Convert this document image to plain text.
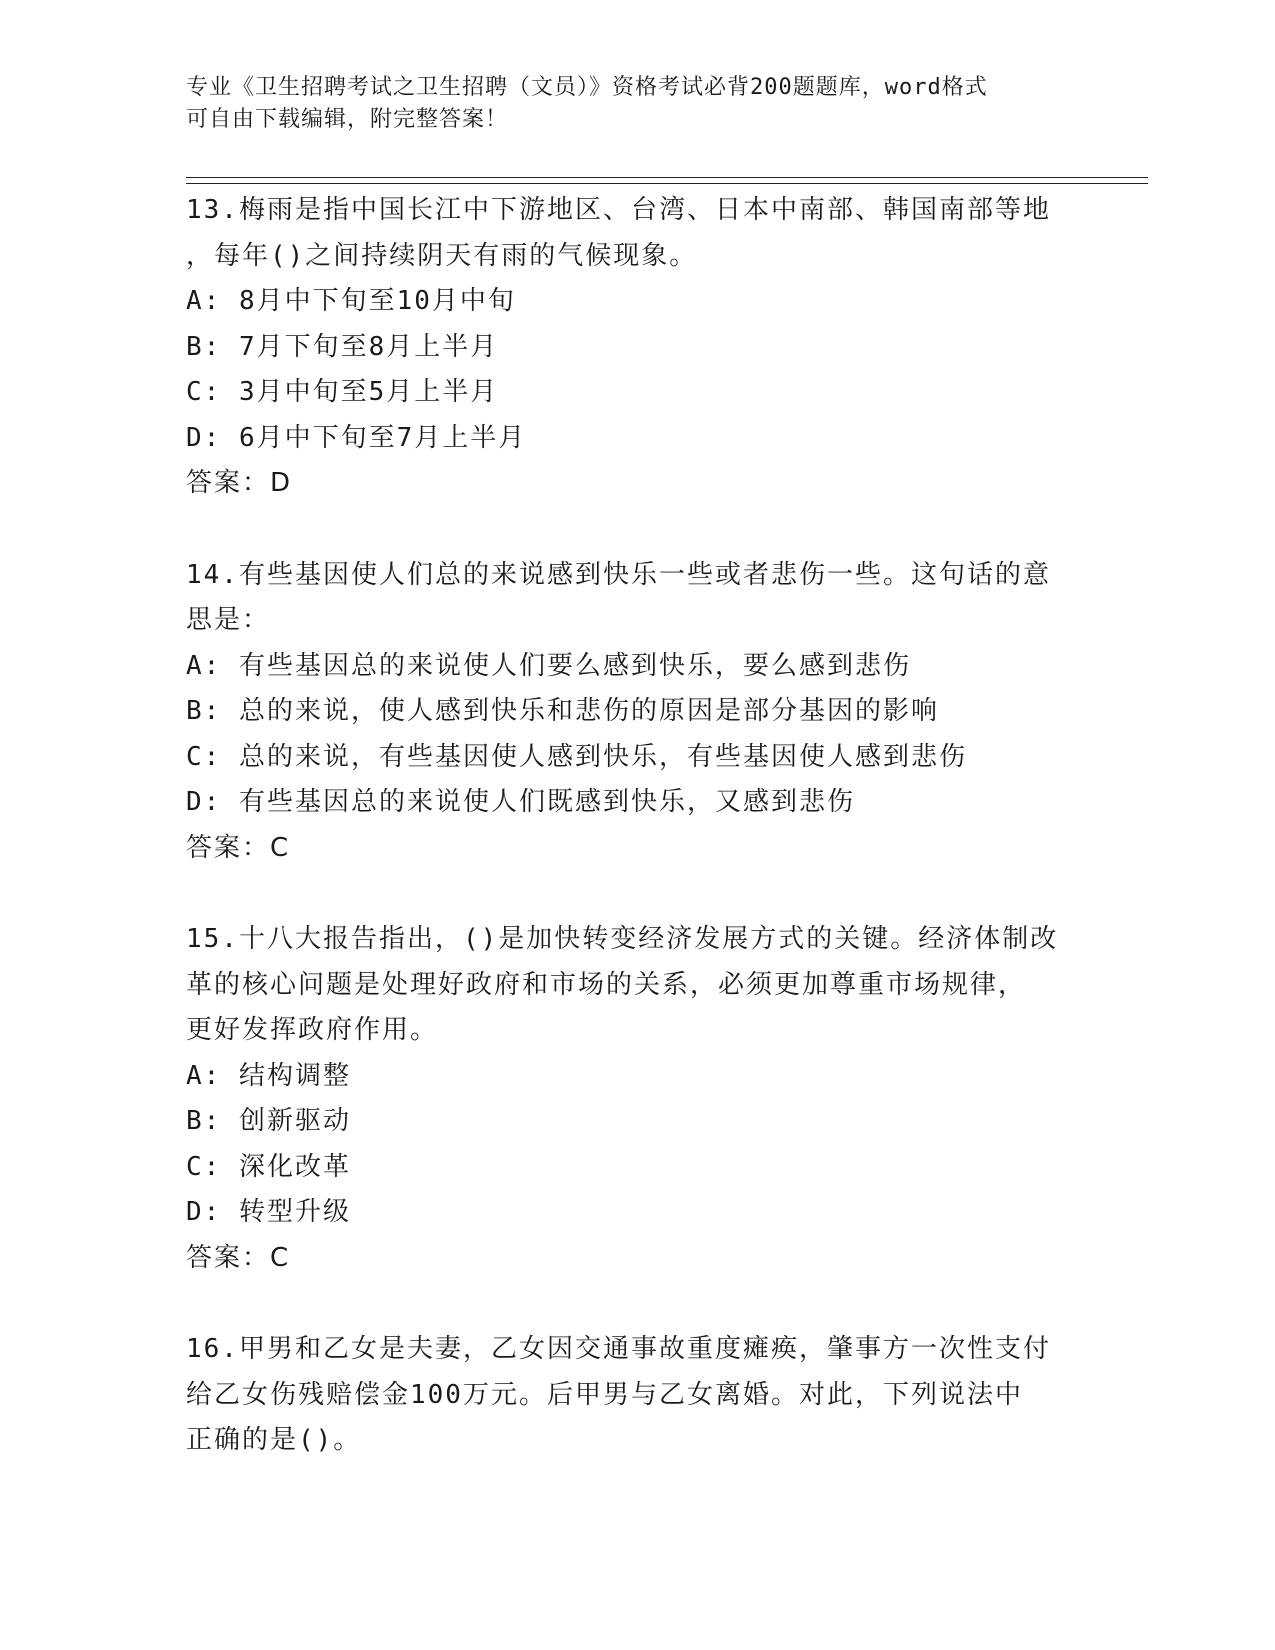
专业《卫生招聘考试之卫生招聘（文员）》资格考试必背200题题库，word格式
可自由下载编辑，附完整答案！
13.梅雨是指中国长江中下游地区、台湾、日本中南部、韩国南部等地
，每年()之间持续阴天有雨的气候现象。
A: 8月中下旬至10月中旬
B: 7月下旬至8月上半月
C: 3月中旬至5月上半月
D: 6月中下旬至7月上半月
答案：D
14.有些基因使人们总的来说感到快乐一些或者悲伤一些。这句话的意
思是：
A: 有些基因总的来说使人们要么感到快乐，要么感到悲伤
B: 总的来说，使人感到快乐和悲伤的原因是部分基因的影响
C: 总的来说，有些基因使人感到快乐，有些基因使人感到悲伤
D: 有些基因总的来说使人们既感到快乐，又感到悲伤
答案：C
15.十八大报告指出，()是加快转变经济发展方式的关键。经济体制改
革的核心问题是处理好政府和市场的关系，必须更加尊重市场规律，
更好发挥政府作用。
A: 结构调整
B: 创新驱动
C: 深化改革
D: 转型升级
答案：C
16.甲男和乙女是夫妻，乙女因交通事故重度瘫痪，肇事方一次性支付
给乙女伤残赔偿金100万元。后甲男与乙女离婚。对此，下列说法中
正确的是()。
